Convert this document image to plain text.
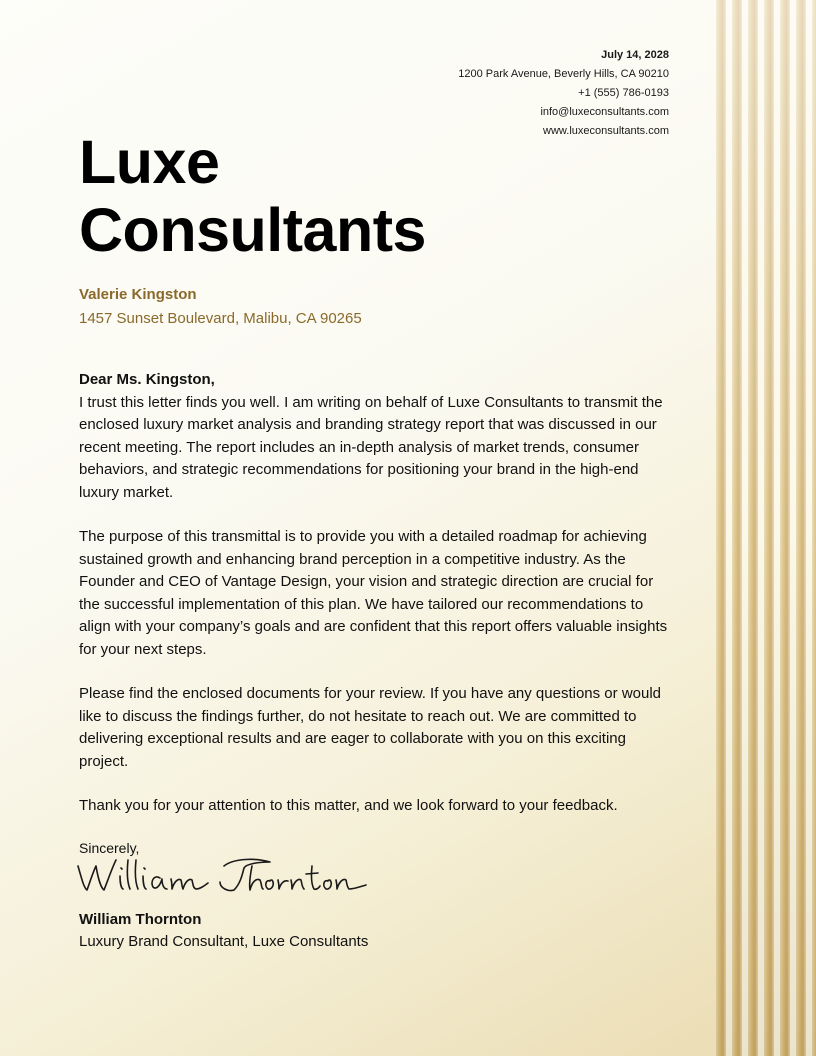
July 14, 2028
1200 Park Avenue, Beverly Hills, CA 90210
+1 (555) 786-0193
info@luxeconsultants.com
www.luxeconsultants.com
Luxe
Consultants
Valerie Kingston
1457 Sunset Boulevard, Malibu, CA 90265

Dear Ms. Kingston,

I trust this letter finds you well. I am writing on behalf of Luxe Consultants to transmit the enclosed luxury market analysis and branding strategy report that was discussed in our recent meeting. The report includes an in-depth analysis of market trends, consumer behaviors, and strategic recommendations for positioning your brand in the high-end luxury market.

The purpose of this transmittal is to provide you with a detailed roadmap for achieving sustained growth and enhancing brand perception in a competitive industry. As the Founder and CEO of Vantage Design, your vision and strategic direction are crucial for the successful implementation of this plan. We have tailored our recommendations to align with your company’s goals and are confident that this report offers valuable insights for your next steps.

Please find the enclosed documents for your review. If you have any questions or would like to discuss the findings further, do not hesitate to reach out. We are committed to delivering exceptional results and are eager to collaborate with you on this exciting project.

Thank you for your attention to this matter, and we look forward to your feedback.

Sincerely,
William Thornton
Luxury Brand Consultant, Luxe Consultants
